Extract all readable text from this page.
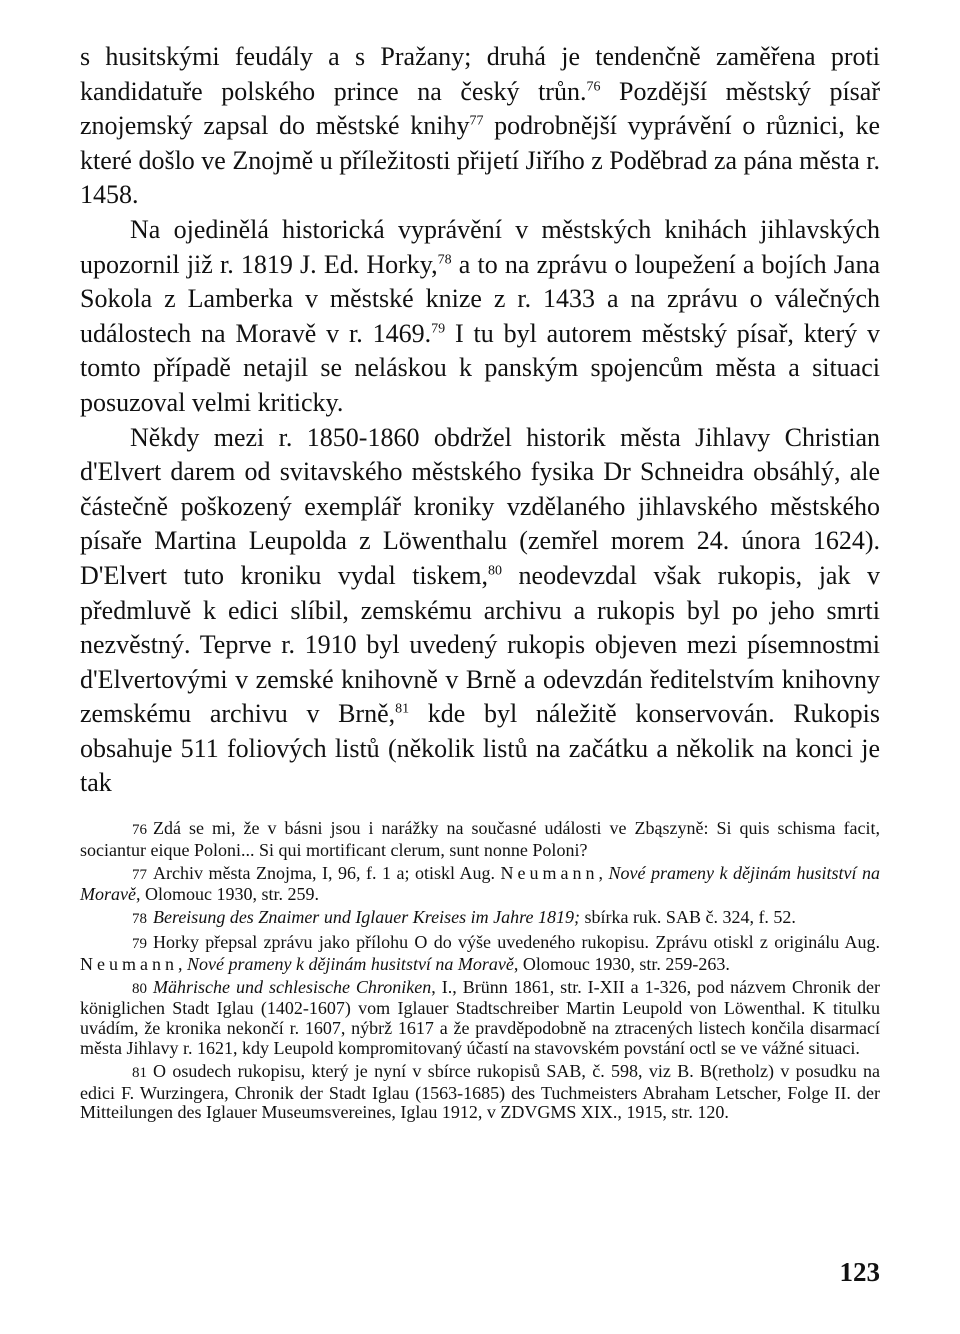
s husitskými feudály a s Pražany; druhá je tendenčně zaměřena proti kandidatuře polského prince na český trůn.$^{76}$ Pozdější městský písař znojemský zapsal do městské knihy$^{77}$ podrobnější vyprávění o různici, ke které došlo ve Znojmě u příležitosti přijetí Jiřího z Poděbrad za pána města r. 1458.

Na ojedinělá historická vyprávění v městských knihách jihlavských upozornil již r. 1819 J. Ed. Horky,$^{78}$ a to na zprávu o loupežení a bojích Jana Sokola z Lamberka v městské knize z r. 1433 a na zprávu o válečných událostech na Moravě v r. 1469.79 I tu byl autorem městský písař, který v tomto případě netajil se neláskou k panským spojencům města a situaci posuzoval velmi kriticky.

Někdy mezi r. 1850-1860 obdržel historik města Jihlavy Christian d'Elvert darem od svitavského městského fysika Dr Schneidra obsáhlý, ale částečně poškozený exemplář kroniky vzdělaného jihlavského městského písaře Martina Leupolda z Löwenthalu (zemřel morem 24. února 1624). D'Elvert tuto kroniku vydal tiskem,$^{80}$ neodevzdal však rukopis, jak v předmluvě k edici slíbil, zemskému archivu a rukopis byl po jeho smrti nezvěstný. Teprve r. 1910 byl uvedený rukopis objeven mezi písemnostmi d'Elvertovými v zemské knihovně v Brně a odevzdán ředitelstvím knihovny zemskému archivu v Brně,$^{81}$ kde byl náležitě konservován. Rukopis obsahuje 511 foliových listů (několik listů na začátku a několik na konci je tak

76 Zdá se mi, že v básni jsou i narážky na současné události ve Zbąszyně: Si quis schisma facit, sociantur eique Poloni... Si qui mortificant clerum, sunt nonne Poloni?

77 Archiv města Znojma, I, 96, f. 1 a; otiskl Aug. Neumann, Nové prameny k dějinám husitství na Moravě, Olomouc 1930, str. 259.

78 Bereisung des Znaimer und Iglauer Kreises im Jahre 1819; sbírka ruk. SAB č. 324, f. 52.

79 Horky přepsal zprávu jako přílohu O do výše uvedeného rukopisu. Zprávu otiskl z originálu Aug. Neumann, Nové prameny k dějinám husitství na Moravě, Olomouc 1930, str. 259-263.

80 Mährische und schlesische Chroniken, I., Brünn 1861, str. I-XII a 1-326, pod názvem Chronik der königlichen Stadt Iglau (1402-1607) vom Iglauer Stadtschreiber Martin Leupold von Löwenthal. K titulku uvádím, že kronika nekončí r. 1607, nýbrž 1617 a že pravděpodobně na ztracených listech končila disarmací města Jihlavy r. 1621, kdy Leupold kompromitovaný účastí na stavovském povstání octl se ve vážné situaci.

81 O osudech rukopisu, který je nyní v sbírce rukopisů SAB, č. 598, viz B. B(retholz) v posudku na edici F. Wurzingera, Chronik der Stadt Iglau (1563-1685) des Tuchmeisters Abraham Letscher, Folge II. der Mitteilungen des Iglauer Museumsvereines, Iglau 1912, v ZDVGMS XIX., 1915, str. 120.

123
